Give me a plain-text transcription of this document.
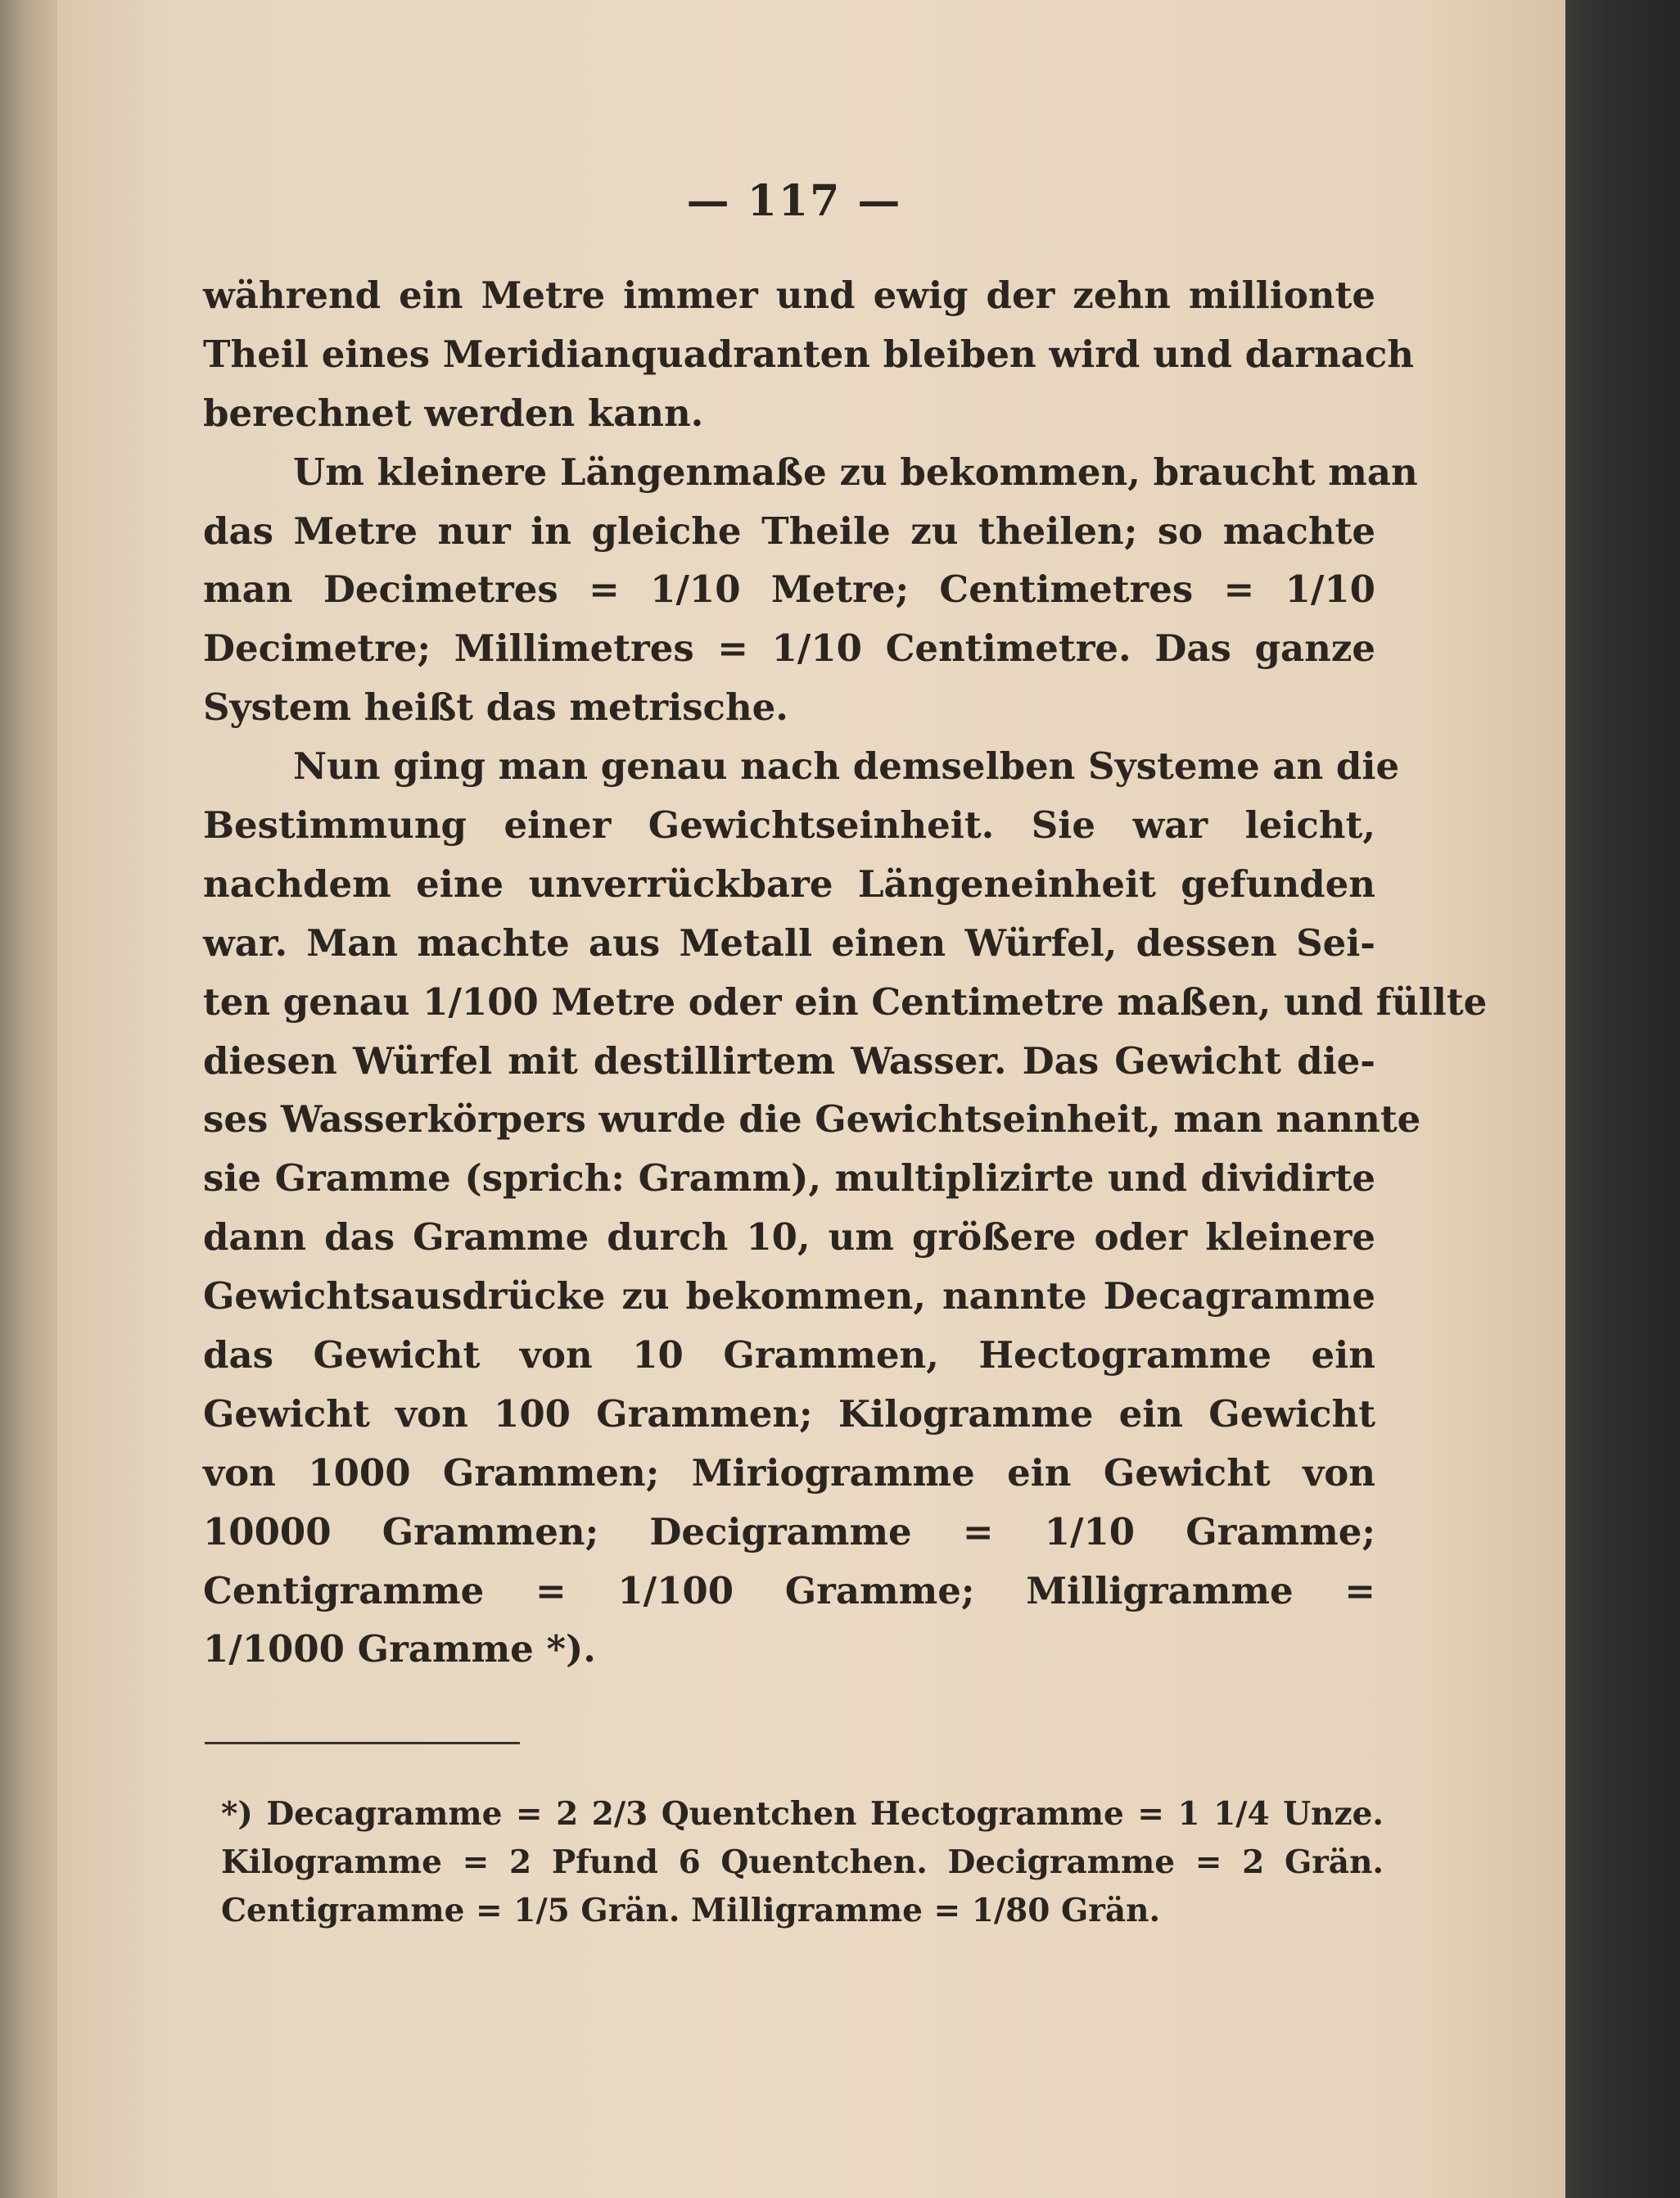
— 117 —
während ein Metre immer und ewig der zehn millionte
Theil eines Meridianquadranten bleiben wird und darnach
berechnet werden kann.
Um kleinere Längenmaße zu bekommen, braucht man
das Metre nur in gleiche Theile zu theilen; so machte
man Decimetres = 1/10 Metre; Centimetres = 1/10
Decimetre; Millimetres = 1/10 Centimetre. Das ganze
System heißt das metrische.
Nun ging man genau nach demselben Systeme an die
Bestimmung einer Gewichtseinheit. Sie war leicht,
nachdem eine unverrückbare Längeneinheit gefunden
war. Man machte aus Metall einen Würfel, dessen Sei-
ten genau 1/100 Metre oder ein Centimetre maßen, und füllte
diesen Würfel mit destillirtem Wasser. Das Gewicht die-
ses Wasserkörpers wurde die Gewichtseinheit, man nannte
sie Gramme (sprich: Gramm), multiplizirte und dividirte
dann das Gramme durch 10, um größere oder kleinere
Gewichtsausdrücke zu bekommen, nannte Decagramme
das Gewicht von 10 Grammen, Hectogramme ein
Gewicht von 100 Grammen; Kilogramme ein Gewicht
von 1000 Grammen; Miriogramme ein Gewicht von
10000 Grammen; Decigramme = 1/10 Gramme;
Centigramme = 1/100 Gramme; Milligramme =
1/1000 Gramme *).
*) Decagramme = 2 2/3 Quentchen Hectogramme = 1 1/4 Unze.
Kilogramme = 2 Pfund 6 Quentchen. Decigramme = 2 Grän.
Centigramme = 1/5 Grän. Milligramme = 1/80 Grän.
